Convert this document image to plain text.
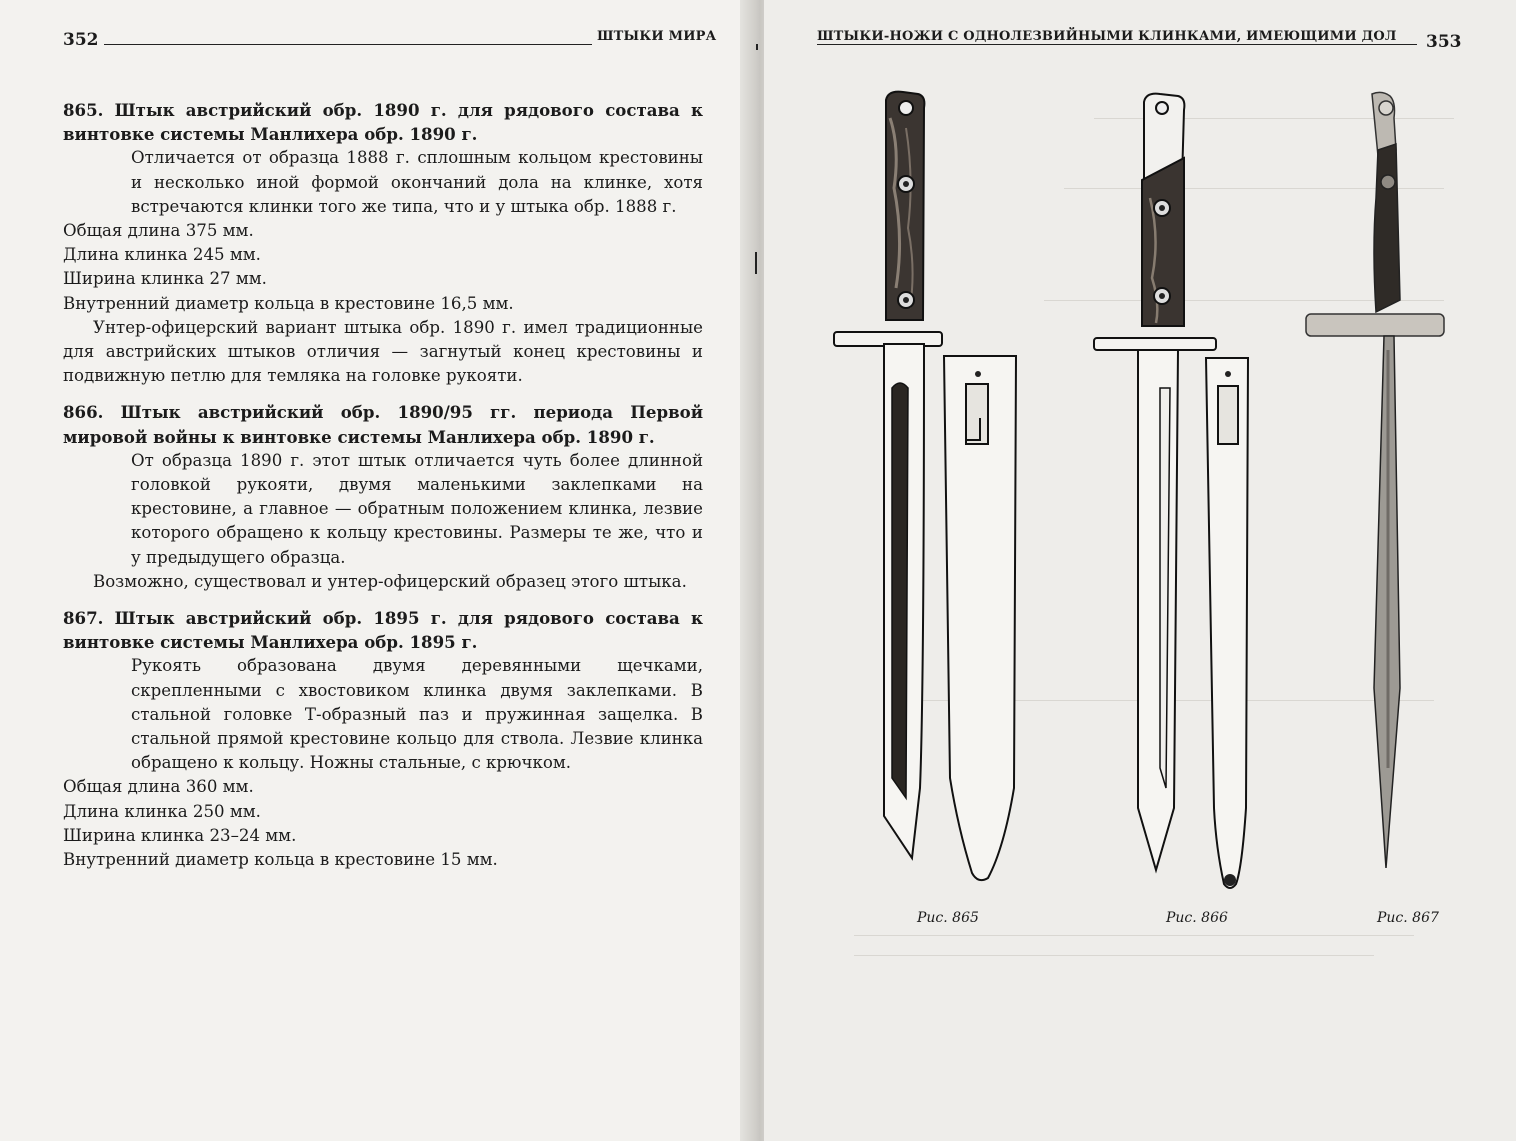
352	ШТЫКИ МИРА

865. Штык австрийский обр. 1890 г. для рядового состава к винтовке системы Манлихера обр. 1890 г.

Отличается от образца 1888 г. сплошным кольцом крестовины и несколько иной формой окончаний дола на клинке, хотя встречаются клинки того же типа, что и у штыка обр. 1888 г.

Общая длина 375 мм.

Длина клинка 245 мм.

Ширина клинка 27 мм.

Внутренний диаметр кольца в крестовине 16,5 мм.

Унтер-офицерский вариант штыка обр. 1890 г. имел традиционные для австрийских штыков отличия — загнутый конец крестовины и подвижную петлю для темляка на головке рукояти.

866. Штык австрийский обр. 1890/95 гг. периода Первой мировой войны к винтовке системы Манлихера обр. 1890 г.

От образца 1890 г. этот штык отличается чуть более длинной головкой рукояти, двумя маленькими заклепками на крестовине, а главное — обратным положением клинка, лезвие которого обращено к кольцу крестовины. Размеры те же, что и у предыдущего образца.

Возможно, существовал и унтер-офицерский образец этого штыка.

867. Штык австрийский обр. 1895 г. для рядового состава к винтовке системы Манлихера обр. 1895 г.

Рукоять образована двумя деревянными щечками, скрепленными с хвостовиком клинка двумя заклепками. В стальной головке Т-образный паз и пружинная защелка. В стальной прямой крестовине кольцо для ствола. Лезвие клинка обращено к кольцу. Ножны стальные, с крючком.

Общая длина 360 мм.

Длина клинка 250 мм.

Ширина клинка 23–24 мм.

Внутренний диаметр кольца в крестовине 15 мм.

ШТЫКИ-НОЖИ С ОДНОЛЕЗВИЙНЫМИ КЛИНКАМИ, ИМЕЮЩИМИ ДОЛ 353
Рис. 865	Рис. 866	Рис. 867
